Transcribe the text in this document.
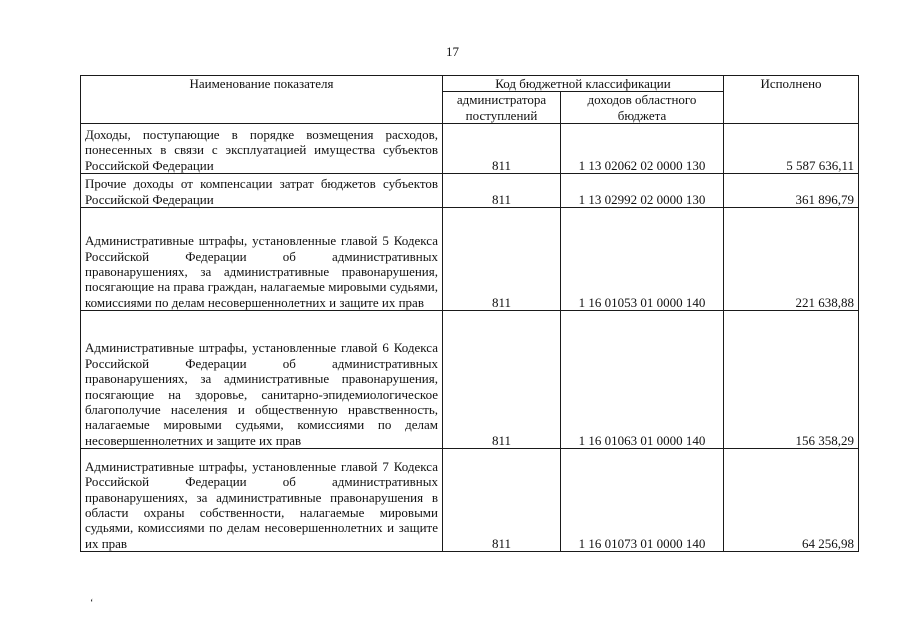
17
Наименование показателя	Код бюджетной классификации		Исполнено
	администратора поступлений	доходов областного бюджета	
Доходы, поступающие в порядке возмещения расходов, понесенных в связи с эксплуатацией имущества субъектов Российской Федерации	811	1 13 02062 02 0000 130	5 587 636,11
Прочие доходы от компенсации затрат бюджетов субъектов Российской Федерации	811	1 13 02992 02 0000 130	361 896,79
Административные штрафы, установленные главой 5 Кодекса Российской Федерации об административных правонарушениях, за административные правонарушения, посягающие на права граждан, налагаемые мировыми судьями, комиссиями по делам несовершеннолетних и защите их прав	811	1 16 01053 01 0000 140	221 638,88
Административные штрафы, установленные главой 6 Кодекса Российской Федерации об административных правонарушениях, за административные правонарушения, посягающие на здоровье, санитарно-эпидемиологическое благополучие населения и общественную нравственность, налагаемые мировыми судьями, комиссиями по делам несовершеннолетних и защите их прав	811	1 16 01063 01 0000 140	156 358,29
Административные штрафы, установленные главой 7 Кодекса Российской Федерации об административных правонарушениях, за административные правонарушения в области охраны собственности, налагаемые мировыми судьями, комиссиями по делам несовершеннолетних и защите их прав	811	1 16 01073 01 0000 140	64 256,98
‘
